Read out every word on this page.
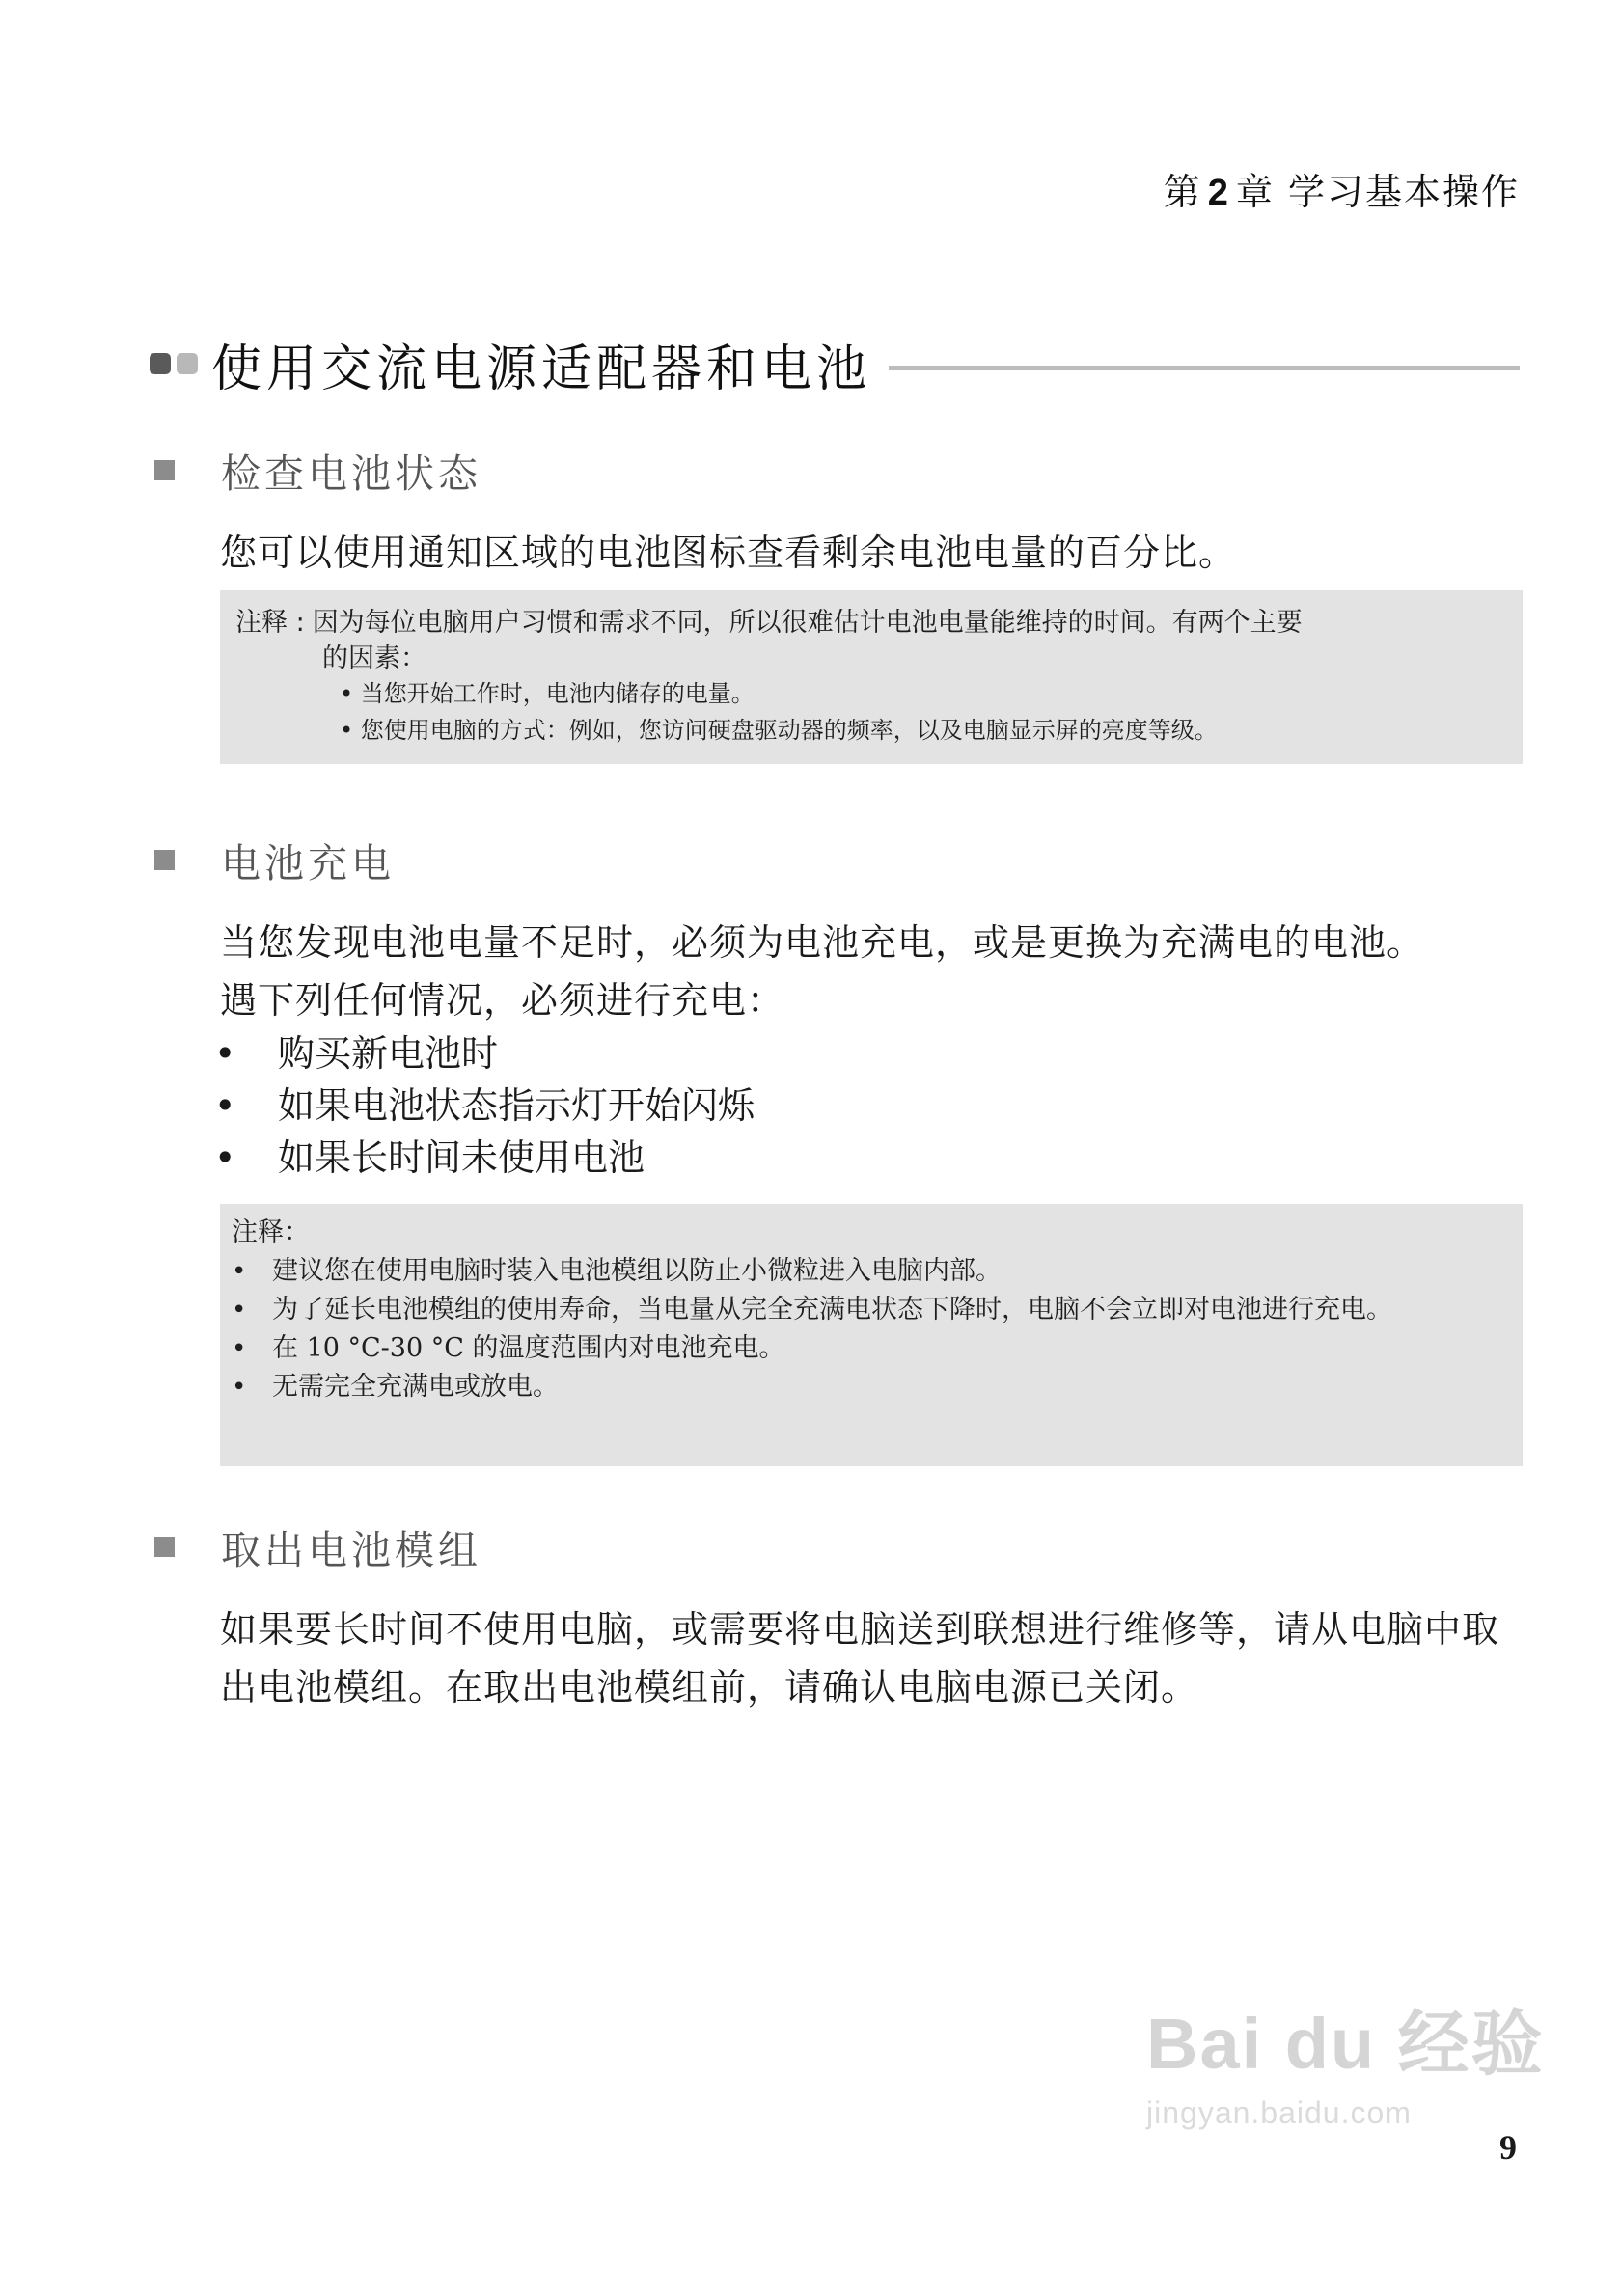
第 2 章 学习基本操作
使用交流电源适配器和电池
检查电池状态
您可以使用通知区域的电池图标查看剩余电池电量的百分比。
注释 : 因为每位电脑用户习惯和需求不同，所以很难估计电池电量能维持的时间。有两个主要
的因素：
• 当您开始工作时，电池内储存的电量。
• 您使用电脑的方式：例如，您访问硬盘驱动器的频率，以及电脑显示屏的亮度等级。
电池充电
当您发现电池电量不足时，必须为电池充电，或是更换为充满电的电池。
遇下列任何情况，必须进行充电：
•	购买新电池时
•	如果电池状态指示灯开始闪烁
•	如果长时间未使用电池
注释：
• 建议您在使用电脑时装入电池模组以防止小微粒进入电脑内部。
• 为了延长电池模组的使用寿命，当电量从完全充满电状态下降时，电脑不会立即对电池进行充电。
• 在 10 °C-30 °C 的温度范围内对电池充电。
• 无需完全充满电或放电。
取出电池模组
如果要长时间不使用电脑，或需要将电脑送到联想进行维修等，请从电脑中取
出电池模组。在取出电池模组前，请确认电脑电源已关闭。
Bai du 经验
jingyan.baidu.com
9
